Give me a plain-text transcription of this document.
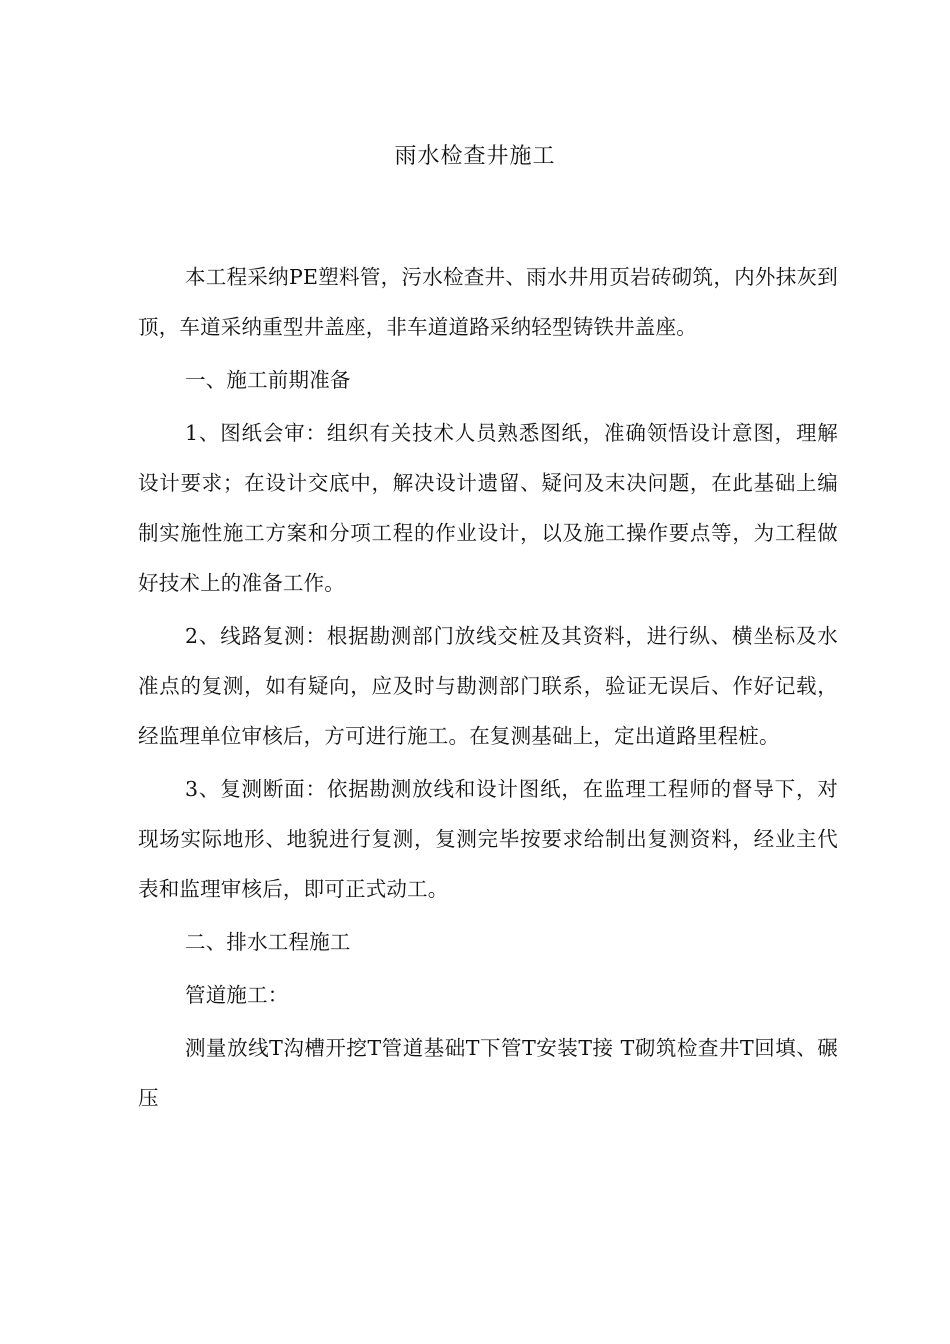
雨水检查井施工

本工程采纳PE塑料管，污水检查井、雨水井用页岩砖砌筑，内外抹灰到顶，车道采纳重型井盖座，非车道道路采纳轻型铸铁井盖座。

一、施工前期准备

1、图纸会审：组织有关技术人员熟悉图纸，准确领悟设计意图，理解设计要求；在设计交底中，解决设计遗留、疑问及末决问题，在此基础上编制实施性施工方案和分项工程的作业设计，以及施工操作要点等，为工程做好技术上的准备工作。

2、线路复测：根据勘测部门放线交桩及其资料，进行纵、横坐标及水准点的复测，如有疑向，应及时与勘测部门联系，验证无误后、作好记载，经监理单位审核后，方可进行施工。在复测基础上，定出道路里程桩。

3、复测断面：依据勘测放线和设计图纸，在监理工程师的督导下，对现场实际地形、地貌进行复测，复测完毕按要求给制出复测资料，经业主代表和监理审核后，即可正式动工。

二、排水工程施工

管道施工：

测量放线Τ沟槽开挖Τ管道基础Τ下管Τ安装Τ接 Τ砌筑检查井Τ回填、碾压
